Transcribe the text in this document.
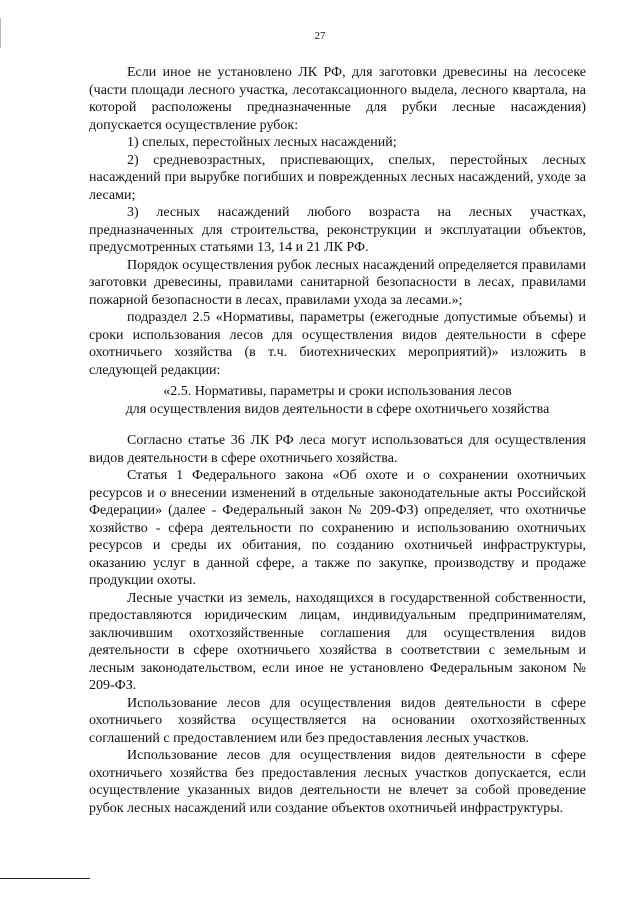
27

Если иное не установлено ЛК РФ, для заготовки древесины на лесосеке (части площади лесного участка, лесотаксационного выдела, лесного квартала, на которой расположены предназначенные для рубки лесные насаждения) допускается осуществление рубок:

1) спелых, перестойных лесных насаждений;

2) средневозрастных, приспевающих, спелых, перестойных лесных насаждений при вырубке погибших и поврежденных лесных насаждений, уходе за лесами;

3) лесных насаждений любого возраста на лесных участках, предназначенных для строительства, реконструкции и эксплуатации объектов, предусмотренных статьями 13, 14 и 21 ЛК РФ.

Порядок осуществления рубок лесных насаждений определяется правилами заготовки древесины, правилами санитарной безопасности в лесах, правилами пожарной безопасности в лесах, правилами ухода за лесами.»;

подраздел 2.5 «Нормативы, параметры (ежегодные допустимые объемы) и сроки использования лесов для осуществления видов деятельности в сфере охотничьего хозяйства (в т.ч. биотехнических мероприятий)» изложить в следующей редакции:

«2.5. Нормативы, параметры и сроки использования лесов

для осуществления видов деятельности в сфере охотничьего хозяйства

Согласно статье 36 ЛК РФ леса могут использоваться для осуществления видов деятельности в сфере охотничьего хозяйства.

Статья 1 Федерального закона «Об охоте и о сохранении охотничьих ресурсов и о внесении изменений в отдельные законодательные акты Российской Федерации» (далее - Федеральный закон № 209-ФЗ) определяет, что охотничье хозяйство - сфера деятельности по сохранению и использованию охотничьих ресурсов и среды их обитания, по созданию охотничьей инфраструктуры, оказанию услуг в данной сфере, а также по закупке, производству и продаже продукции охоты.

Лесные участки из земель, находящихся в государственной собственности, предоставляются юридическим лицам, индивидуальным предпринимателям, заключившим охотхозяйственные соглашения для осуществления видов деятельности в сфере охотничьего хозяйства в соответствии с земельным и лесным законодательством, если иное не установлено Федеральным законом № 209-ФЗ.

Использование лесов для осуществления видов деятельности в сфере охотничьего хозяйства осуществляется на основании охотхозяйственных соглашений с предоставлением или без предоставления лесных участков.

Использование лесов для осуществления видов деятельности в сфере охотничьего хозяйства без предоставления лесных участков допускается, если осуществление указанных видов деятельности не влечет за собой проведение рубок лесных насаждений или создание объектов охотничьей инфраструктуры.
